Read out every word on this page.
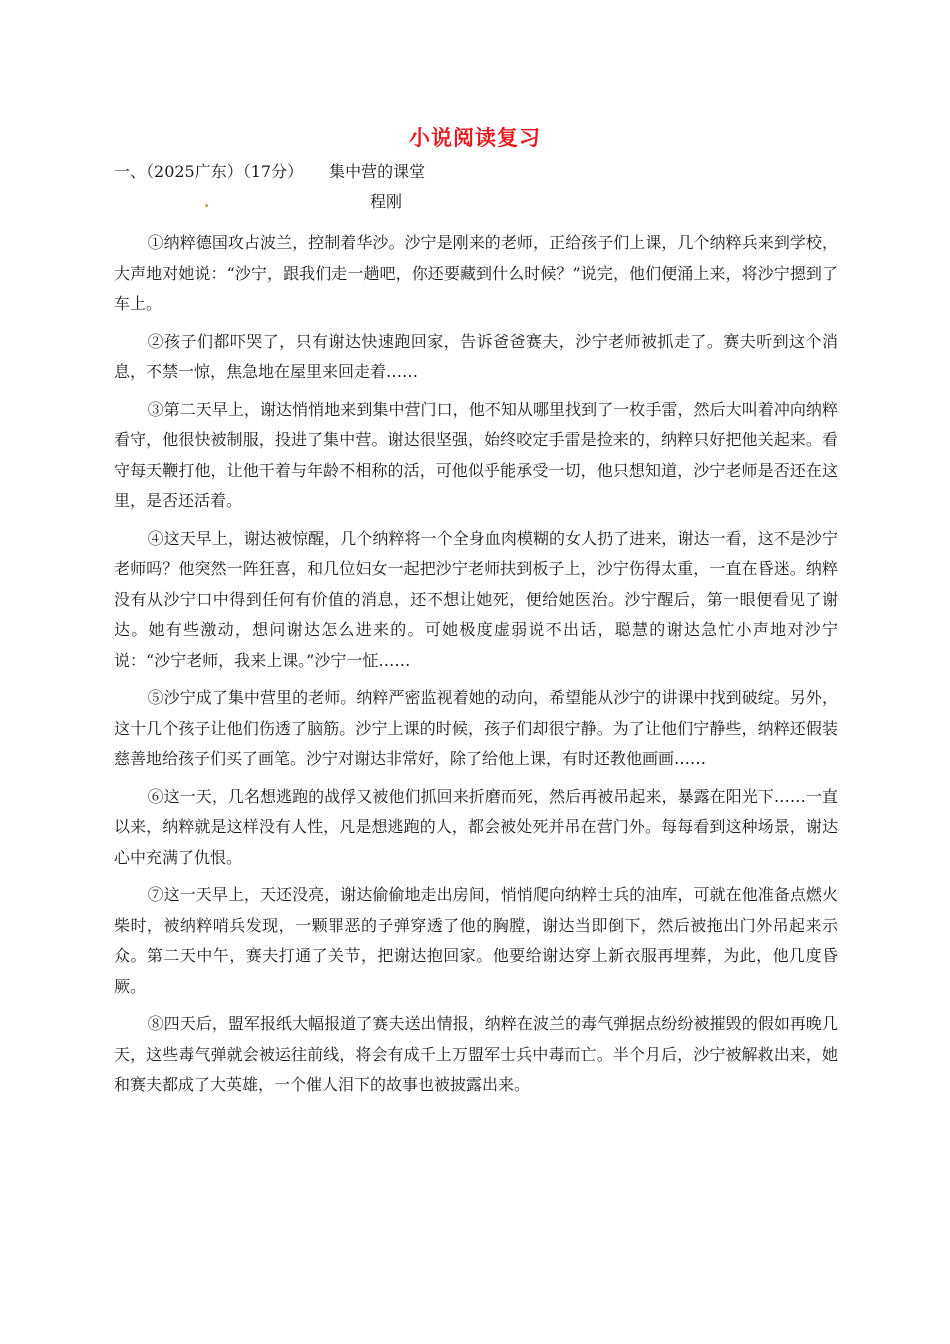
小说阅读复习
一、（2025广东）（17分） 集中营的课堂
程刚

①纳粹德国攻占波兰，控制着华沙。沙宁是刚来的老师，正给孩子们上课，几个纳粹兵来到学校，大声地对她说：“沙宁，跟我们走一趟吧，你还要藏到什么时候？”说完，他们便涌上来，将沙宁摁到了车上。

②孩子们都吓哭了，只有谢达快速跑回家，告诉爸爸赛夫，沙宁老师被抓走了。赛夫听到这个消息，不禁一惊，焦急地在屋里来回走着……

③第二天早上，谢达悄悄地来到集中营门口，他不知从哪里找到了一枚手雷，然后大叫着冲向纳粹看守，他很快被制服，投进了集中营。谢达很坚强，始终咬定手雷是捡来的，纳粹只好把他关起来。看守每天鞭打他，让他干着与年龄不相称的活，可他似乎能承受一切，他只想知道，沙宁老师是否还在这里，是否还活着。

④这天早上，谢达被惊醒，几个纳粹将一个全身血肉模糊的女人扔了进来，谢达一看，这不是沙宁老师吗？他突然一阵狂喜，和几位妇女一起把沙宁老师扶到板子上，沙宁伤得太重，一直在昏迷。纳粹没有从沙宁口中得到任何有价值的消息，还不想让她死，便给她医治。沙宁醒后，第一眼便看见了谢达。她有些激动，想问谢达怎么进来的。可她极度虚弱说不出话，聪慧的谢达急忙小声地对沙宁说：“沙宁老师，我来上课。”沙宁一怔……

⑤沙宁成了集中营里的老师。纳粹严密监视着她的动向，希望能从沙宁的讲课中找到破绽。另外，这十几个孩子让他们伤透了脑筋。沙宁上课的时候，孩子们却很宁静。为了让他们宁静些，纳粹还假装慈善地给孩子们买了画笔。沙宁对谢达非常好，除了给他上课，有时还教他画画……

⑥这一天，几名想逃跑的战俘又被他们抓回来折磨而死，然后再被吊起来，暴露在阳光下……一直以来，纳粹就是这样没有人性，凡是想逃跑的人，都会被处死并吊在营门外。每每看到这种场景，谢达心中充满了仇恨。

⑦这一天早上，天还没亮，谢达偷偷地走出房间，悄悄爬向纳粹士兵的油库，可就在他准备点燃火柴时，被纳粹哨兵发现，一颗罪恶的子弹穿透了他的胸膛，谢达当即倒下，然后被拖出门外吊起来示众。第二天中午，赛夫打通了关节，把谢达抱回家。他要给谢达穿上新衣服再埋葬，为此，他几度昏厥。

⑧四天后，盟军报纸大幅报道了赛夫送出情报，纳粹在波兰的毒气弹据点纷纷被摧毁的假如再晚几天，这些毒气弹就会被运往前线，将会有成千上万盟军士兵中毒而亡。半个月后，沙宁被解救出来，她和赛夫都成了大英雄，一个催人泪下的故事也被披露出来。
